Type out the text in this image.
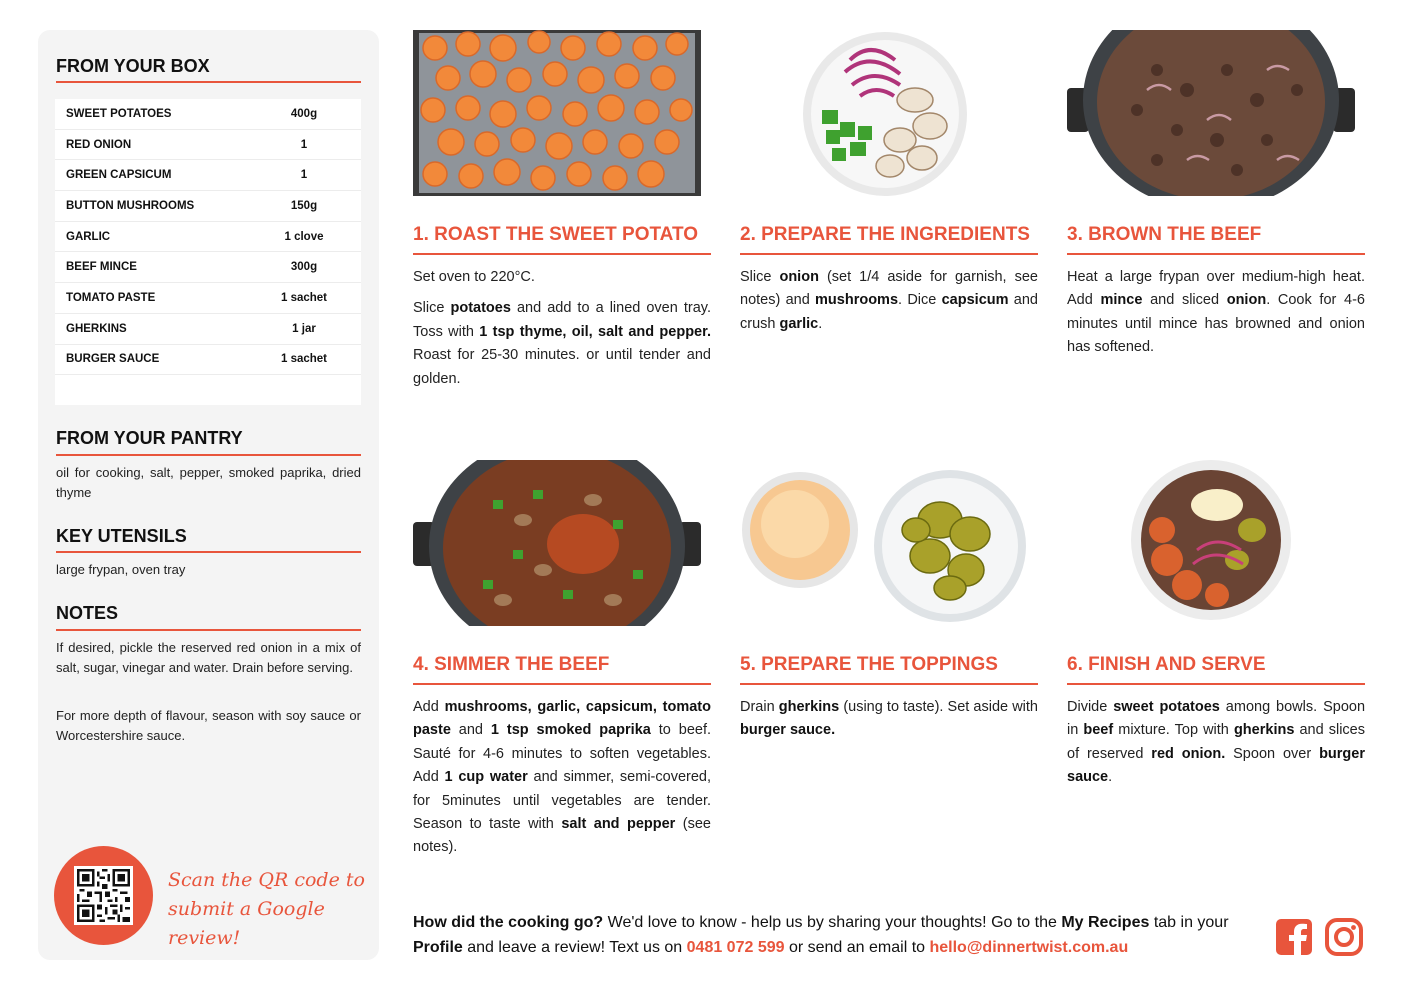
FROM YOUR BOX
SWEET POTATOES	400g
RED ONION	1
GREEN CAPSICUM	1
BUTTON MUSHROOMS	150g
GARLIC	1 clove
BEEF MINCE	300g
TOMATO PASTE	1 sachet
GHERKINS	1 jar
BURGER SAUCE	1 sachet
FROM YOUR PANTRY
oil for cooking, salt, pepper, smoked paprika, dried thyme
KEY UTENSILS
large frypan, oven tray
NOTES
If desired, pickle the reserved red onion in a mix of salt, sugar, vinegar and water. Drain before serving.
For more depth of flavour, season with soy sauce or Worcestershire sauce.
Scan the QR code to
submit a Google review!
1. ROAST THE SWEET POTATO

Set oven to 220°C.

Slice potatoes and add to a lined oven tray. Toss with 1 tsp thyme, oil, salt and pepper. Roast for 25-30 minutes. or until tender and golden.

2. PREPARE THE INGREDIENTS

Slice onion (set 1/4 aside for garnish, see notes) and mushrooms. Dice capsicum and crush garlic.

3. BROWN THE BEEF

Heat a large frypan over medium-high heat. Add mince and sliced onion. Cook for 4-6 minutes until mince has browned and onion has softened.

4. SIMMER THE BEEF

Add mushrooms, garlic, capsicum, tomato paste and 1 tsp smoked paprika to beef. Sauté for 4-6 minutes to soften vegetables. Add 1 cup water and simmer, semi-covered, for 5minutes until vegetables are tender. Season to taste with salt and pepper (see notes).

5. PREPARE THE TOPPINGS

Drain gherkins (using to taste). Set aside with burger sauce.

6. FINISH AND SERVE

Divide sweet potatoes among bowls. Spoon in beef mixture. Top with gherkins and slices of reserved red onion. Spoon over burger sauce.

How did the cooking go? We'd love to know - help us by sharing your thoughts! Go to the My Recipes tab in your Profile and leave a review! Text us on 0481 072 599 or send an email to hello@dinnertwist.com.au
